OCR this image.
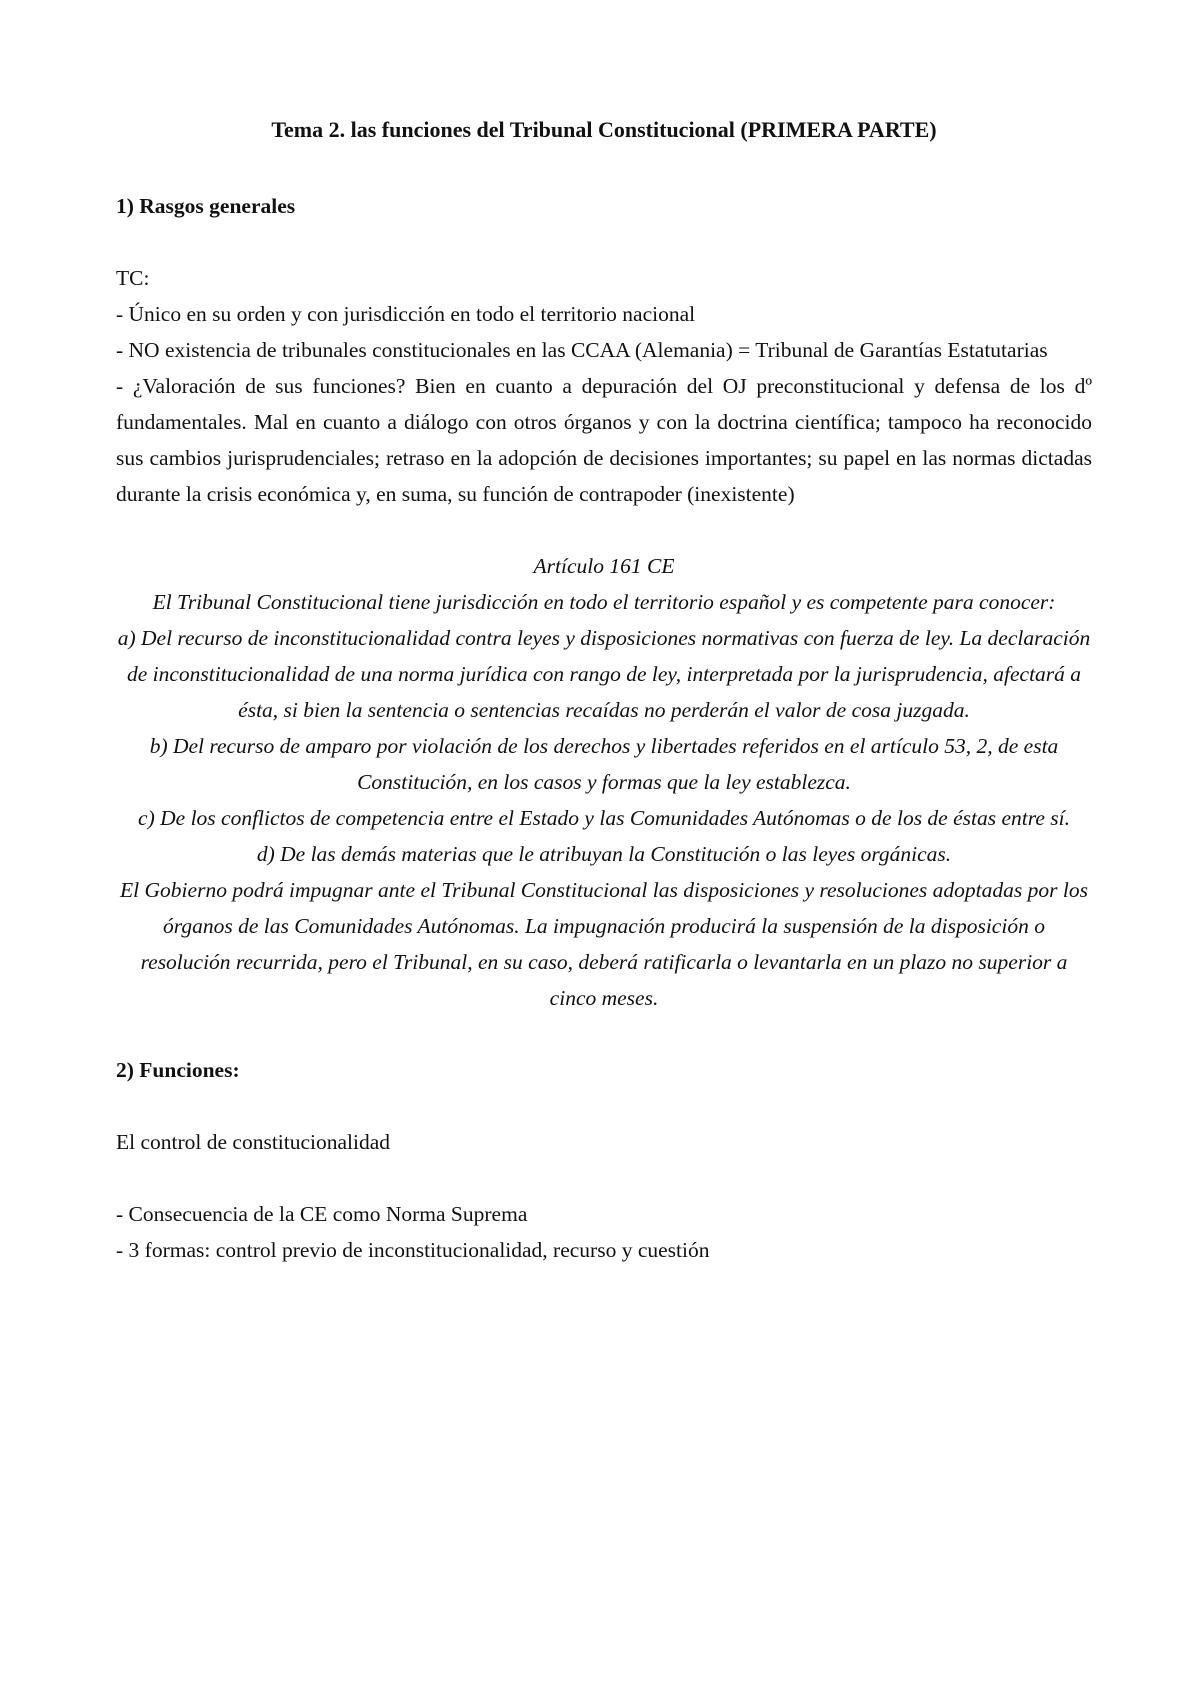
Tema 2. las funciones del Tribunal Constitucional (PRIMERA PARTE)

1) Rasgos generales

TC:

- Único en su orden y con jurisdicción en todo el territorio nacional

- NO existencia de tribunales constitucionales en las CCAA (Alemania) = Tribunal de Garantías Estatutarias

- ¿Valoración de sus funciones? Bien en cuanto a depuración del OJ preconstitucional y defensa de los dº fundamentales. Mal en cuanto a diálogo con otros órganos y con la doctrina científica; tampoco ha reconocido sus cambios jurisprudenciales; retraso en la adopción de decisiones importantes; su papel en las normas dictadas durante la crisis económica y, en suma, su función de contrapoder (inexistente)

Artículo 161 CE

El Tribunal Constitucional tiene jurisdicción en todo el territorio español y es competente para conocer:

a) Del recurso de inconstitucionalidad contra leyes y disposiciones normativas con fuerza de ley. La declaración de inconstitucionalidad de una norma jurídica con rango de ley, interpretada por la jurisprudencia, afectará a ésta, si bien la sentencia o sentencias recaídas no perderán el valor de cosa juzgada.

b) Del recurso de amparo por violación de los derechos y libertades referidos en el artículo 53, 2, de esta Constitución, en los casos y formas que la ley establezca.

c) De los conflictos de competencia entre el Estado y las Comunidades Autónomas o de los de éstas entre sí.

d) De las demás materias que le atribuyan la Constitución o las leyes orgánicas.

El Gobierno podrá impugnar ante el Tribunal Constitucional las disposiciones y resoluciones adoptadas por los órganos de las Comunidades Autónomas. La impugnación producirá la suspensión de la disposición o resolución recurrida, pero el Tribunal, en su caso, deberá ratificarla o levantarla en un plazo no superior a cinco meses.

2) Funciones:

El control de constitucionalidad

- Consecuencia de la CE como Norma Suprema

- 3 formas: control previo de inconstitucionalidad, recurso y cuestión
